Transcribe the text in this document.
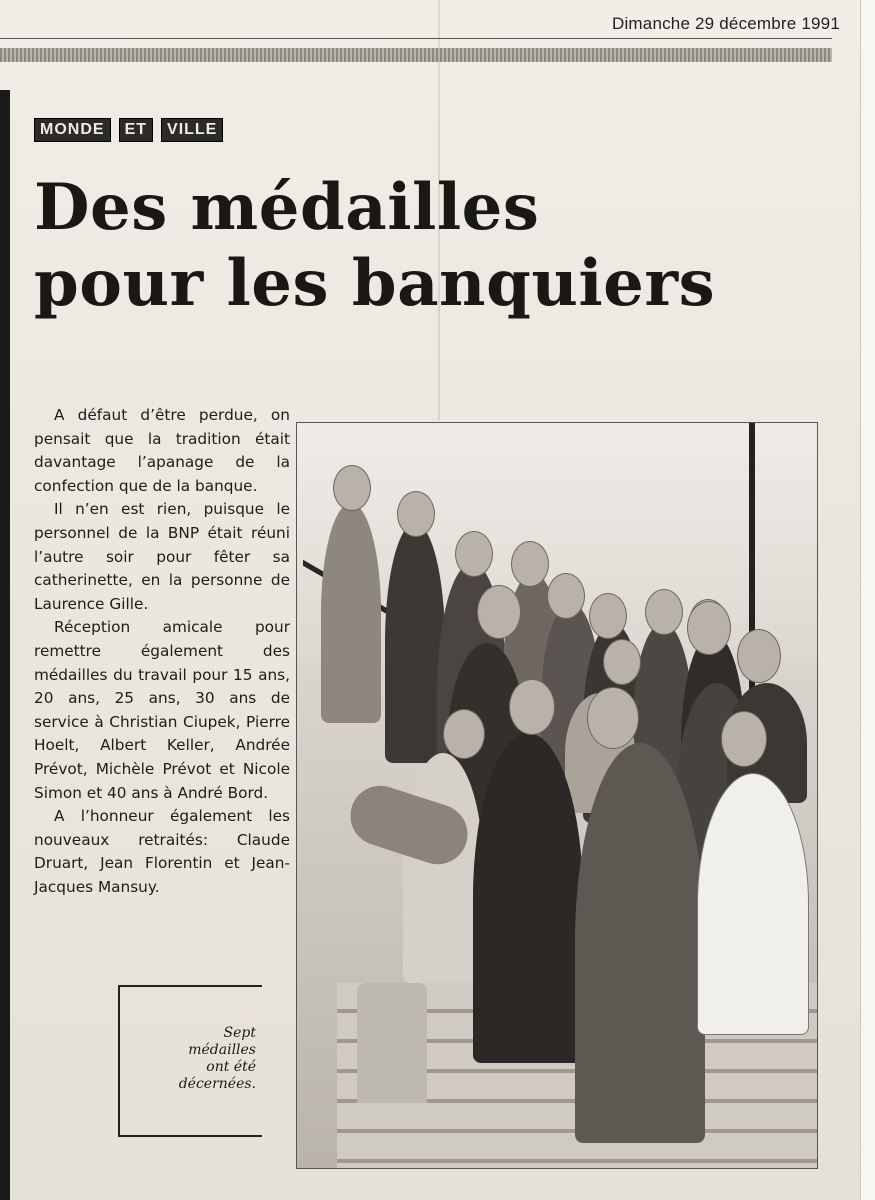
Dimanche 29 décembre 1991
MONDE	ET	VILLE
Des médailles
pour les banquiers

A défaut d’être perdue, on pensait que la tradition était davantage l’apanage de la confection que de la banque.

Il n’en est rien, puisque le personnel de la BNP était réuni l’autre soir pour fêter sa catherinette, en la personne de Laurence Gille.

Réception amicale pour remettre également des médailles du travail pour 15 ans, 20 ans, 25 ans, 30 ans de service à Christian Ciupek, Pierre Hoelt, Albert Keller, Andrée Prévot, Michèle Prévot et Nicole Simon et 40 ans à André Bord.

A l’honneur également les nouveaux retraités: Claude Druart, Jean Florentin et Jean-Jacques Mansuy.

Sept
médailles
ont été
décernées.
